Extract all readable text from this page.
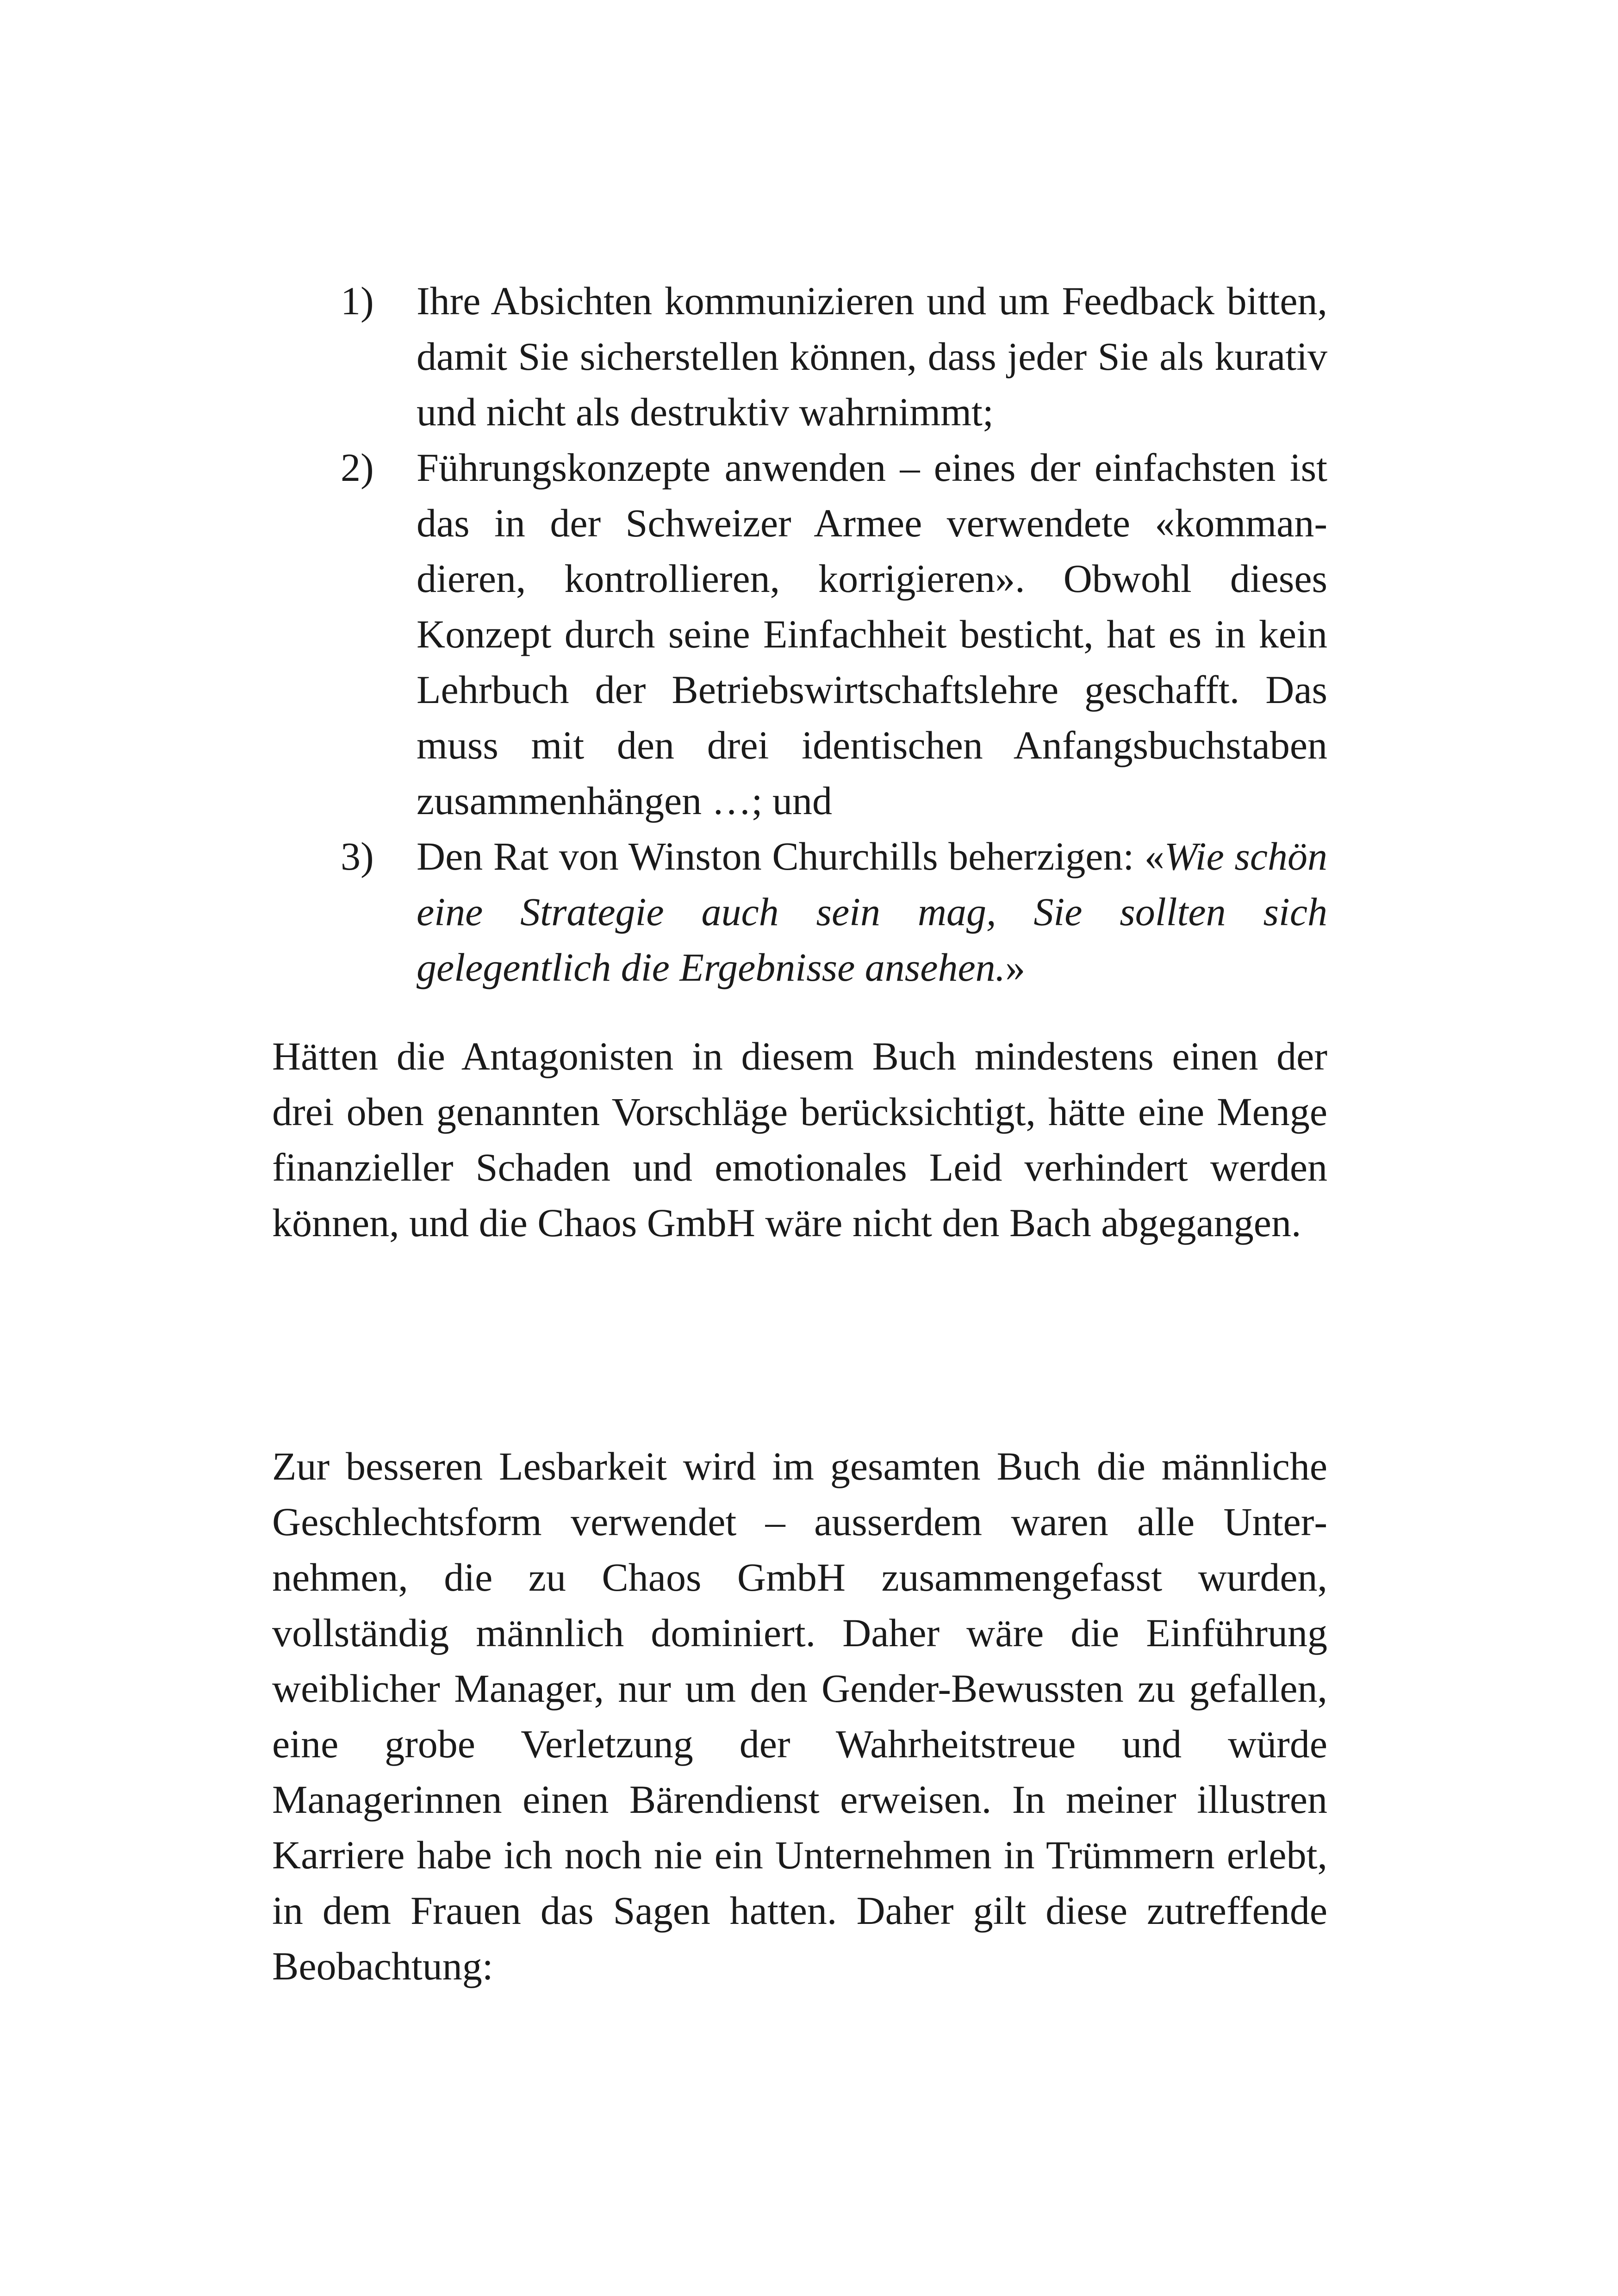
1) Ihre Absichten kommunizieren und um Feedback bitten, damit Sie sicherstellen können, dass jeder Sie als kurativ und nicht als destruktiv wahrnimmt;
2) Führungskonzepte anwenden – eines der einfachsten ist das in der Schweizer Armee verwendete «kommandieren, kontrollieren, korrigieren». Obwohl dieses Konzept durch seine Einfachheit besticht, hat es in kein Lehrbuch der Betriebswirtschaftslehre geschafft. Das muss mit den drei identischen Anfangsbuchstaben zusammenhängen …; und
3) Den Rat von Winston Churchills beherzigen: «Wie schön eine Strategie auch sein mag, Sie sollten sich gelegentlich die Ergebnisse ansehen.»

Hätten die Antagonisten in diesem Buch mindestens einen der drei oben genannten Vorschläge berücksichtigt, hätte eine Menge finanzieller Schaden und emotionales Leid verhindert werden können, und die Chaos GmbH wäre nicht den Bach abgegangen.

Zur besseren Lesbarkeit wird im gesamten Buch die männliche Geschlechtsform verwendet – ausserdem waren alle Unternehmen, die zu Chaos GmbH zusammengefasst wurden, vollständig männlich dominiert. Daher wäre die Einführung weiblicher Manager, nur um den Gender-Bewussten zu gefallen, eine grobe Verletzung der Wahrheitstreue und würde Managerinnen einen Bärendienst erweisen. In meiner illustren Karriere habe ich noch nie ein Unternehmen in Trümmern erlebt, in dem Frauen das Sagen hatten. Daher gilt diese zutreffende Beobachtung:
